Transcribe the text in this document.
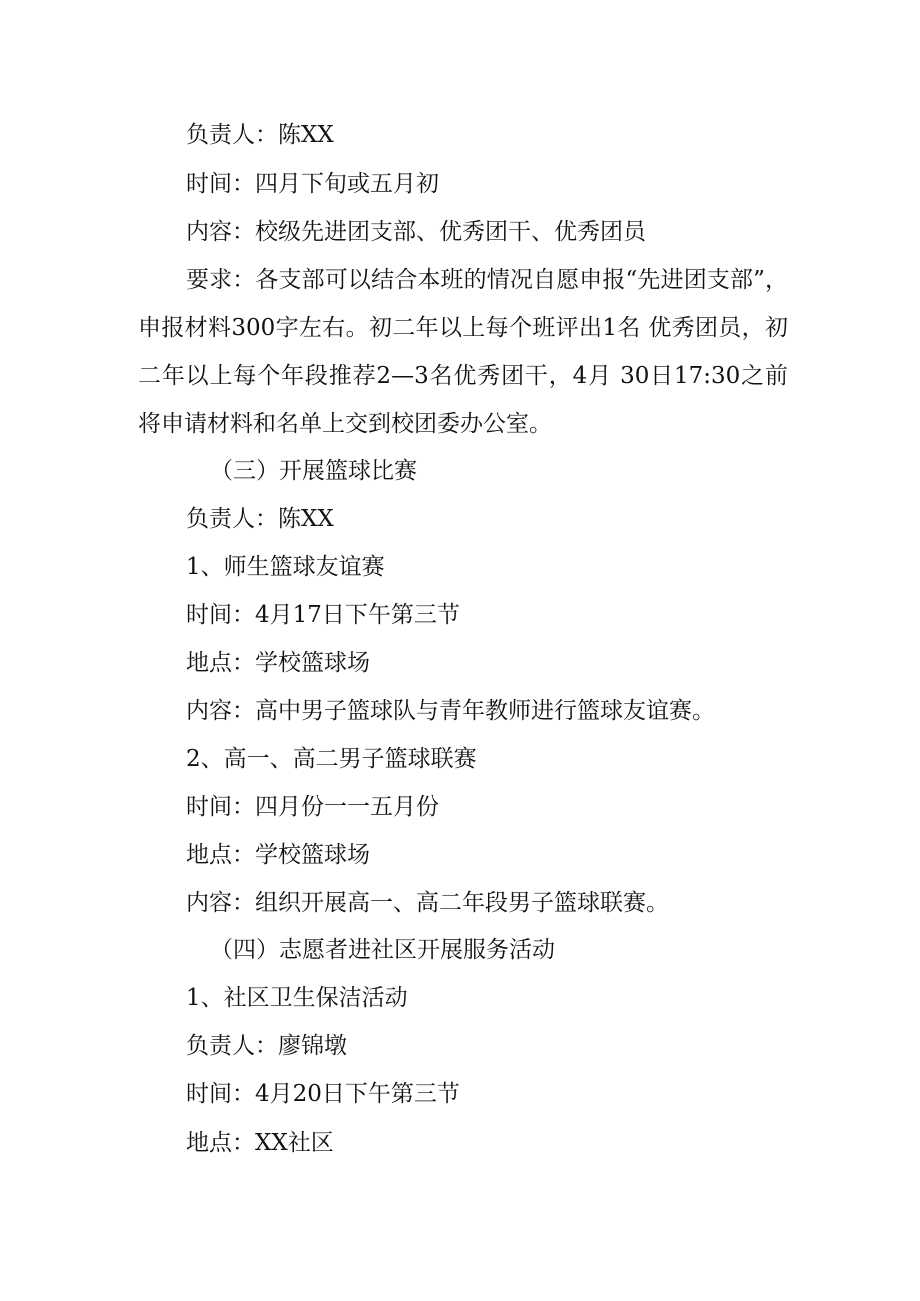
负责人：陈XX

时间：四月下旬或五月初

内容：校级先进团支部、优秀团干、优秀团员

要求：各支部可以结合本班的情况自愿申报“先进团支部”，申报材料300字左右。初二年以上每个班评出1名 优秀团员，初二年以上每个年段推荐2—3名优秀团干，4月 30日17:30之前将申请材料和名单上交到校团委办公室。

（三）开展篮球比赛

负责人：陈XX

1、师生篮球友谊赛

时间：4月17日下午第三节

地点：学校篮球场

内容：高中男子篮球队与青年教师进行篮球友谊赛。

2、高一、高二男子篮球联赛

时间：四月份一一五月份

地点：学校篮球场

内容：组织开展高一、高二年段男子篮球联赛。

（四）志愿者进社区开展服务活动

1、社区卫生保洁活动

负责人：廖锦墩

时间：4月20日下午第三节

地点：XX社区
